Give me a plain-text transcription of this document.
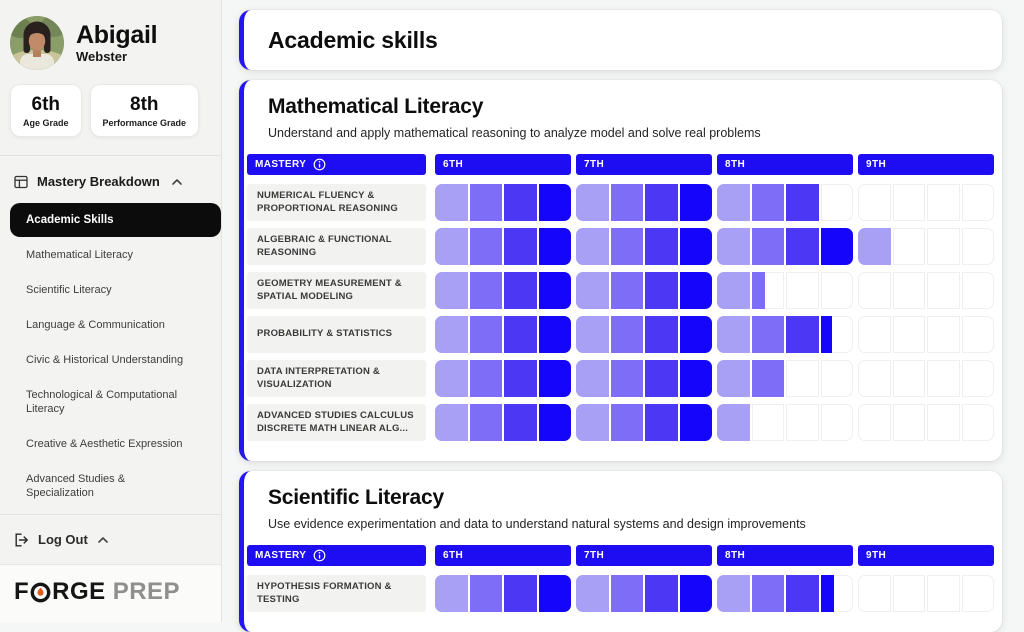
Abigail
Webster
6th
Age Grade
8th
Performance Grade
Mastery Breakdown
Academic Skills
Mathematical Literacy
Scientific Literacy
Language & Communication
Civic & Historical Understanding
Technological & Computational Literacy
Creative & Aesthetic Expression
Advanced Studies & Specialization
Log Out
F RGE PREP
Academic skills
Mathematical Literacy

Understand and apply mathematical reasoning to analyze model and solve real problems

MASTERY	6TH	7TH	8TH	9TH
NUMERICAL FLUENCY & PROPORTIONAL REASONING
ALGEBRAIC & FUNCTIONAL REASONING
GEOMETRY MEASUREMENT & SPATIAL MODELING
PROBABILITY & STATISTICS
DATA INTERPRETATION & VISUALIZATION
ADVANCED STUDIES CALCULUS DISCRETE MATH LINEAR ALG...
Scientific Literacy

Use evidence experimentation and data to understand natural systems and design improvements

MASTERY	6TH	7TH	8TH	9TH
HYPOTHESIS FORMATION & TESTING
